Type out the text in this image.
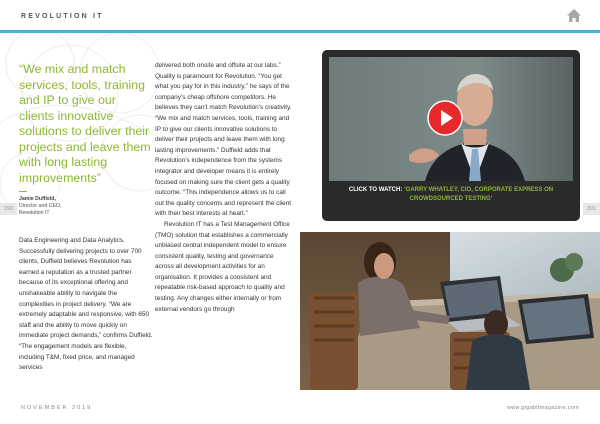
REVOLUTION IT
“We mix and match services, tools, training and IP to give our clients innovative solutions to deliver their projects and leave them with long lasting improvements”
Jamie Duffield,
Director and CEO,
Revolution IT
390	391

Data Engineering and Data Analytics. Successfully delivering projects to over 700 clients, Duffield believes Revolution has earned a reputation as a trusted partner because of its exceptional offering and unshakeable ability to navigate the complexities in project delivery. “We are extremely adaptable and responsive, with 650 staff and the ability to move quickly on immediate project demands,” confirms Duffield. “The engagement models are flexible, including T&M, fixed price, and managed services

delivered both onsite and offsite at our labs.” Quality is paramount for Revolution. “You get what you pay for in this industry,” he says of the company’s cheap offshore competitors. He believes they can’t match Revolution’s creativity. “We mix and match services, tools, training and IP to give our clients innovative solutions to deliver their projects and leave them with long lasting improvements.” Duffield adds that Revolution’s independence from the systems integrator and developer means it is entirely focused on making sure the client gets a quality outcome. “This independence allows us to call out the quality concerns and represent the client with their best interests at heart.”

Revolution IT has a Test Management Office (TMO) solution that establishes a commercially unbiased central independent model to ensure consistent quality, testing and governance across all development activities for an organisation. It provides a consistent and repeatable risk-based approach to quality and testing. Any changes either internally or from external vendors go through

CLICK TO WATCH: ‘GARRY WHATLEY, CIO, CORPORATE EXPRESS ON CROWDSOURCED TESTING’
NOVEMBER 2019	www.gigabitmagazine.com
